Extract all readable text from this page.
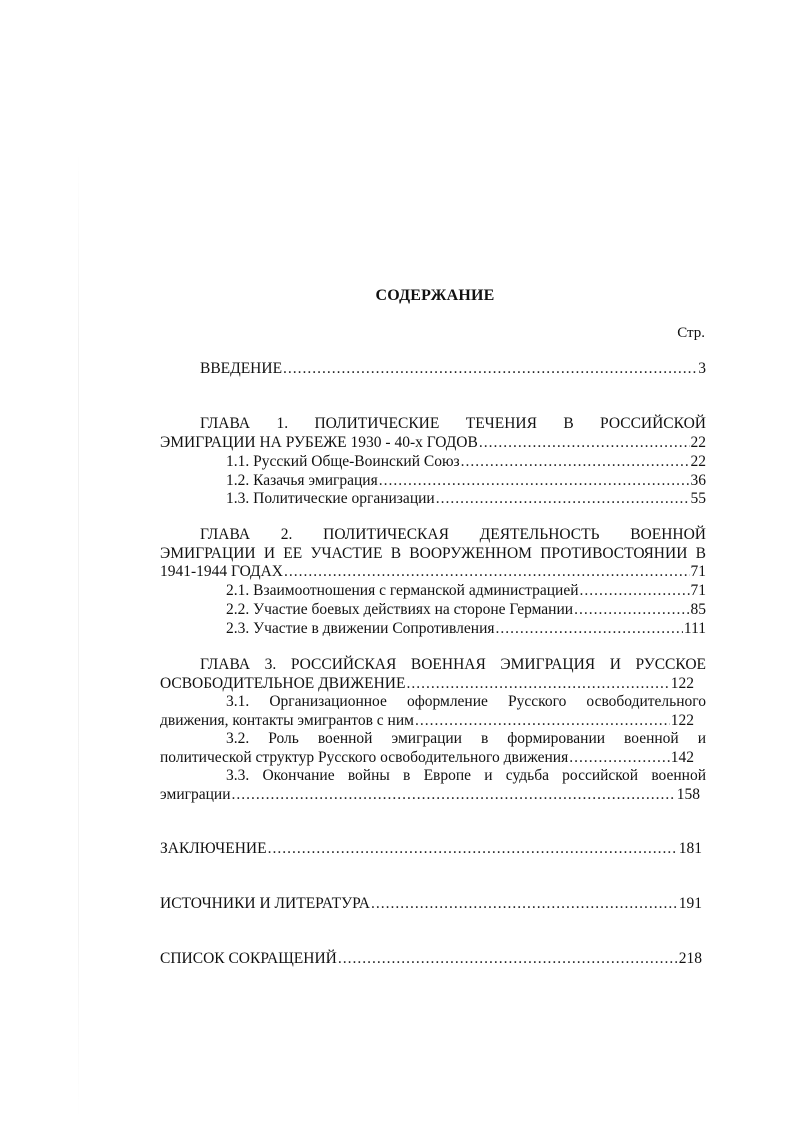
СОДЕРЖАНИЕ
Стр.
ВВЕДЕНИЕ .....	3
ГЛАВА 1. ПОЛИТИЧЕСКИЕ ТЕЧЕНИЯ В РОССИЙСКОЙ
ЭМИГРАЦИИ НА РУБЕЖЕ 1930 - 40-х ГОДОВ .....	22
1.1. Русский Обще-Воинский Союз .....	22
1.2. Казачья эмиграция .....	36
1.3. Политические организации .....	55
ГЛАВА 2. ПОЛИТИЧЕСКАЯ ДЕЯТЕЛЬНОСТЬ ВОЕННОЙ
ЭМИГРАЦИИ И ЕЕ УЧАСТИЕ В ВООРУЖЕННОМ ПРОТИВОСТОЯНИИ В
1941-1944 ГОДАХ .....	71
2.1. Взаимоотношения с германской администрацией .....	71
2.2. Участие боевых действиях на стороне Германии .....	85
2.3. Участие в движении Сопротивления .....	111
ГЛАВА 3. РОССИЙСКАЯ ВОЕННАЯ ЭМИГРАЦИЯ И РУССКОЕ
ОСВОБОДИТЕЛЬНОЕ ДВИЖЕНИЕ .....	122
3.1. Организационное оформление Русского освободительного
движения, контакты эмигрантов с ним .....	122
3.2. Роль военной эмиграции в формировании военной и
политической структур Русского освободительного движения .....	142
3.3. Окончание войны в Европе и судьба российской военной
эмиграции .....	158
ЗАКЛЮЧЕНИЕ .....	181
ИСТОЧНИКИ И ЛИТЕРАТУРА .....	191
СПИСОК СОКРАЩЕНИЙ .....	218
